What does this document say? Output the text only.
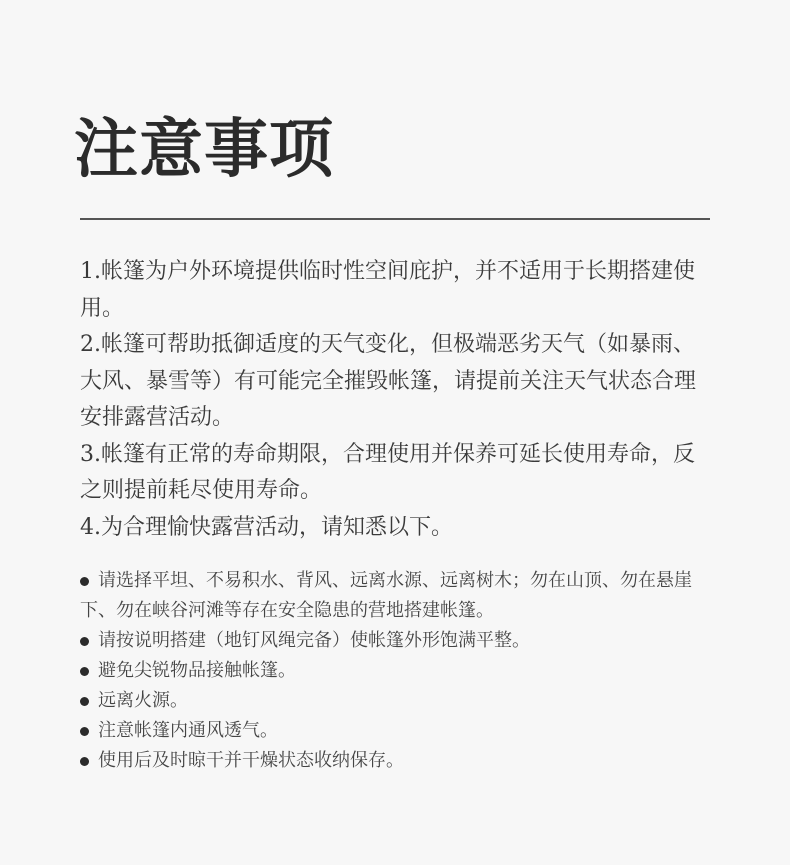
注意事项

1.帐篷为户外环境提供临时性空间庇护，并不适用于长期搭建使用。

2.帐篷可帮助抵御适度的天气变化，但极端恶劣天气（如暴雨、大风、暴雪等）有可能完全摧毁帐篷，请提前关注天气状态合理安排露营活动。

3.帐篷有正常的寿命期限，合理使用并保养可延长使用寿命，反之则提前耗尽使用寿命。

4.为合理愉快露营活动，请知悉以下。

请选择平坦、不易积水、背风、远离水源、远离树木；勿在山顶、勿在悬崖下、勿在峡谷河滩等存在安全隐患的营地搭建帐篷。
请按说明搭建（地钉风绳完备）使帐篷外形饱满平整。
避免尖锐物品接触帐篷。
远离火源。
注意帐篷内通风透气。
使用后及时晾干并干燥状态收纳保存。
